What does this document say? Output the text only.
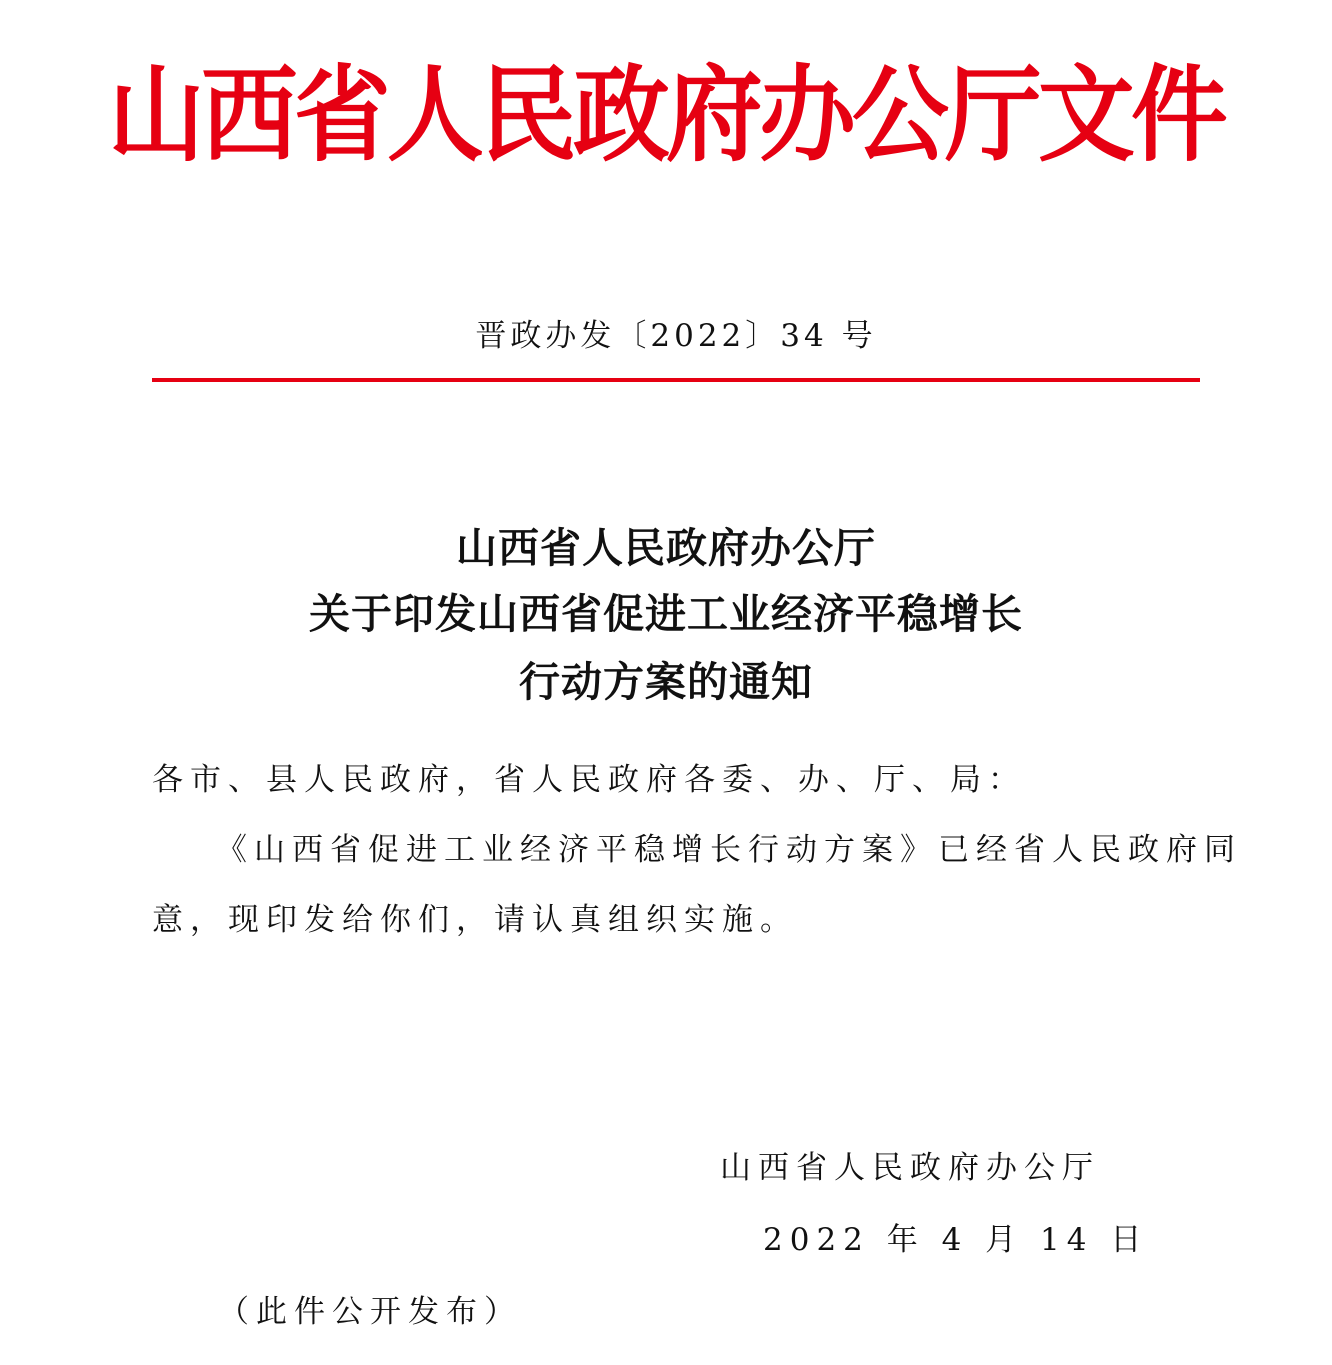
山西省人民政府办公厅文件
晋政办发〔2022〕34 号
山西省人民政府办公厅
关于印发山西省促进工业经济平稳增长
行动方案的通知
各市、县人民政府，省人民政府各委、办、厅、局：
《山西省促进工业经济平稳增长行动方案》已经省人民政府同
意，现印发给你们，请认真组织实施。
山西省人民政府办公厅
2022 年 4 月 14 日
（此件公开发布）
